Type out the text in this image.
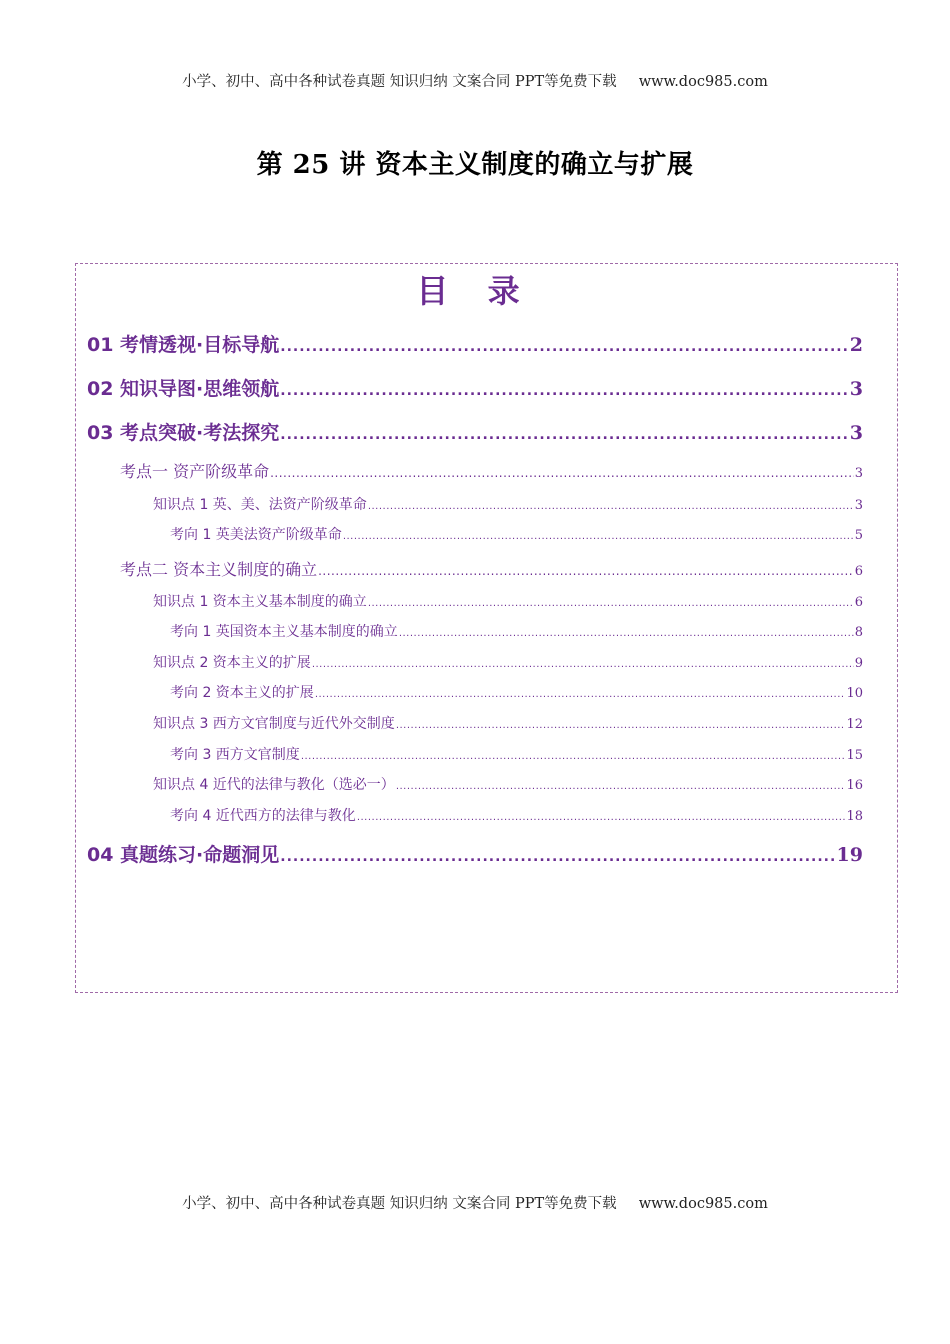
小学、初中、高中各种试卷真题 知识归纳 文案合同 PPT等免费下载 www.doc985.com
第 25 讲 资本主义制度的确立与扩展
目 录
01 考情透视·目标导航 .....	2
02 知识导图·思维领航 .....	3
03 考点突破·考法探究 .....	3
考点一 资产阶级革命 .....	3
知识点 1 英、美、法资产阶级革命 .....	3
考向 1 英美法资产阶级革命 .....	5
考点二 资本主义制度的确立 .....	6
知识点 1 资本主义基本制度的确立 .....	6
考向 1 英国资本主义基本制度的确立 .....	8
知识点 2 资本主义的扩展 .....	9
考向 2 资本主义的扩展 .....	10
知识点 3 西方文官制度与近代外交制度 .....	12
考向 3 西方文官制度 .....	15
知识点 4 近代的法律与教化（选必一） .....	16
考向 4 近代西方的法律与教化 .....	18
04 真题练习·命题洞见 .....	19
小学、初中、高中各种试卷真题 知识归纳 文案合同 PPT等免费下载 www.doc985.com
